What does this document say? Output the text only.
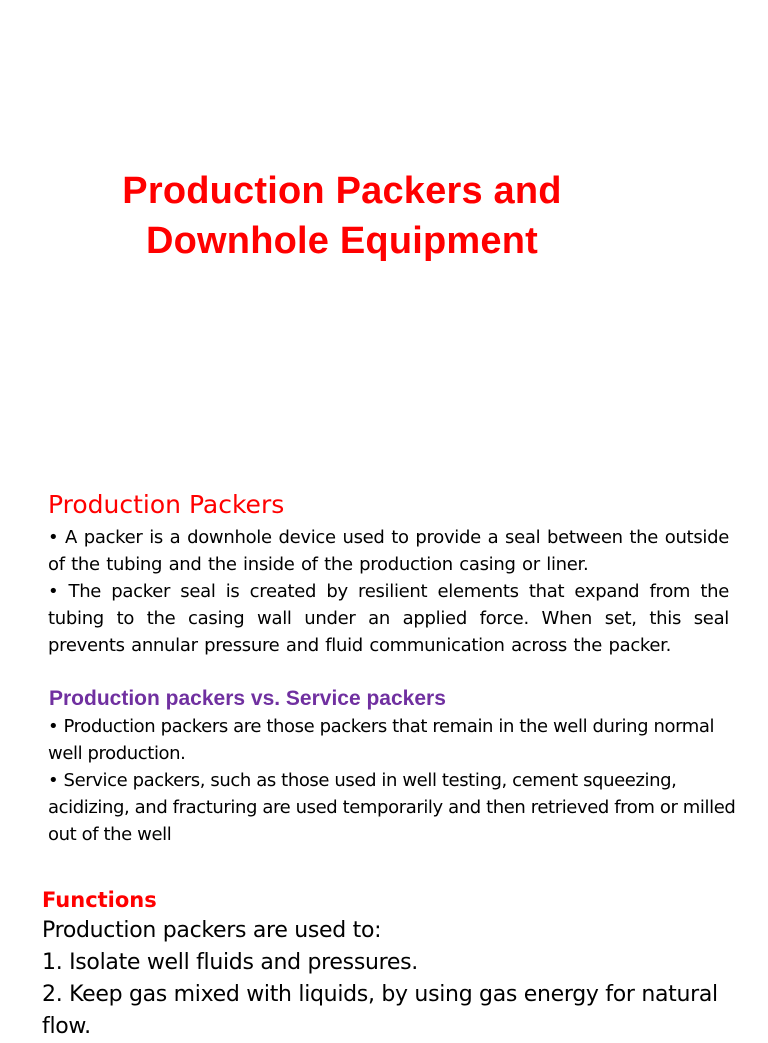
Production Packers and
Downhole Equipment
Production Packers

• A packer is a downhole device used to provide a seal between the outside of the tubing and the inside of the production casing or liner.

• The packer seal is created by resilient elements that expand from the tubing to the casing wall under an applied force. When set, this seal prevents annular pressure and fluid communication across the packer.

Production packers vs. Service packers

• Production packers are those packers that remain in the well during normal well production.

• Service packers, such as those used in well testing, cement squeezing, acidizing, and fracturing are used temporarily and then retrieved from or milled out of the well

Functions

Production packers are used to:

1. Isolate well fluids and pressures.

2. Keep gas mixed with liquids, by using gas energy for natural flow.
